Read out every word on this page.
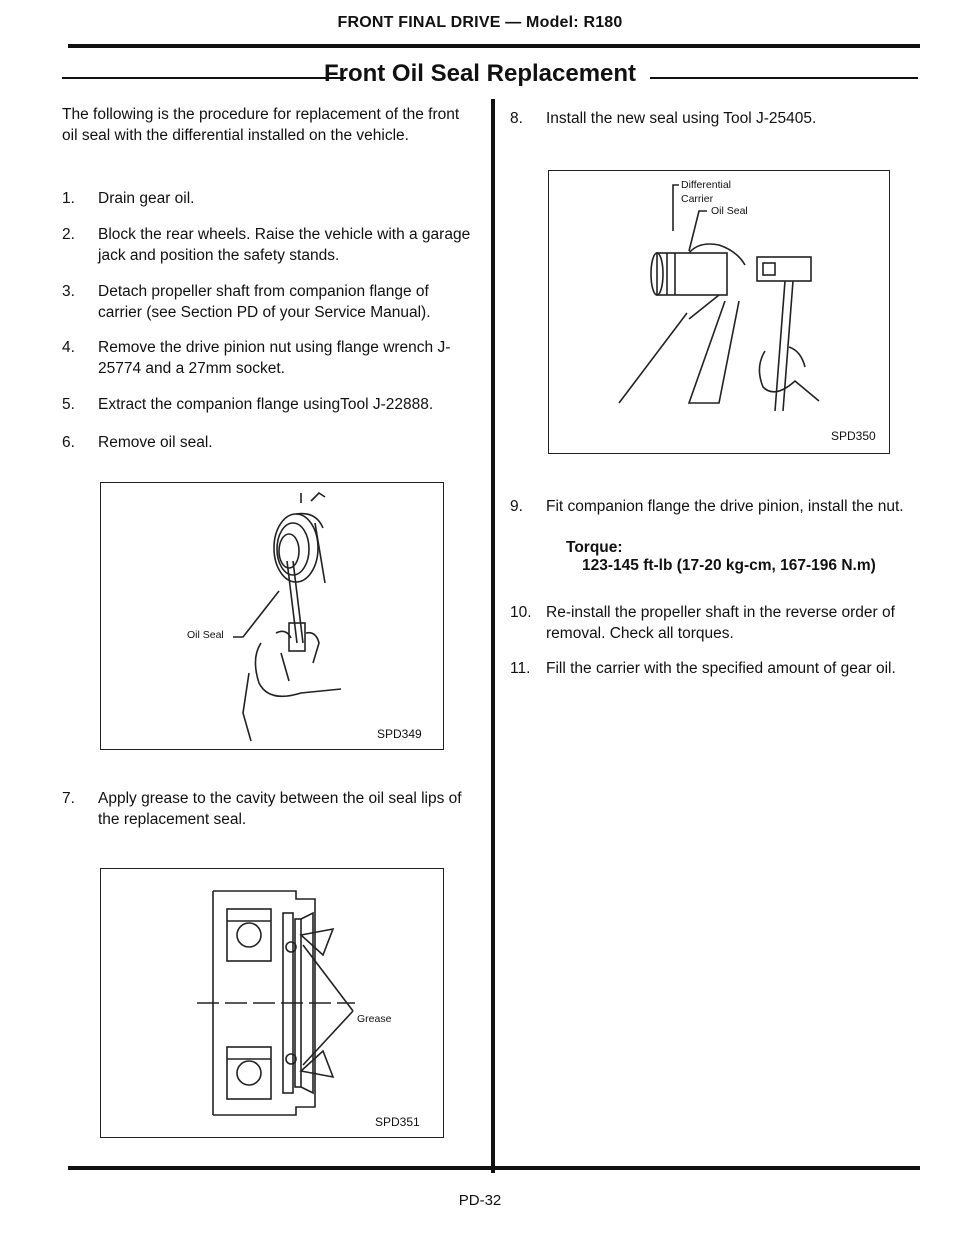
FRONT FINAL DRIVE — Model: R180
Front Oil Seal Replacement
The following is the procedure for replacement of the front oil seal with the differential installed on the vehicle.
1. Drain gear oil.
2. Block the rear wheels. Raise the vehicle with a garage jack and position the safety stands.
3. Detach propeller shaft from companion flange of carrier (see Section PD of your Service Manual).
4. Remove the drive pinion nut using flange wrench J-25774 and a 27mm socket.
5. Extract the companion flange usingTool J-22888.
6. Remove oil seal.
Oil Seal
SPD349
7. Apply grease to the cavity between the oil seal lips of the replacement seal.
Grease
SPD351
8. Install the new seal using Tool J-25405.
Differential
Carrier
Oil Seal
SPD350
9. Fit companion flange the drive pinion, install the nut.
Torque:
123-145 ft-lb (17-20 kg-cm, 167-196 N.m)
10. Re-install the propeller shaft in the reverse order of removal. Check all torques.
11. Fill the carrier with the specified amount of gear oil.
PD-32
